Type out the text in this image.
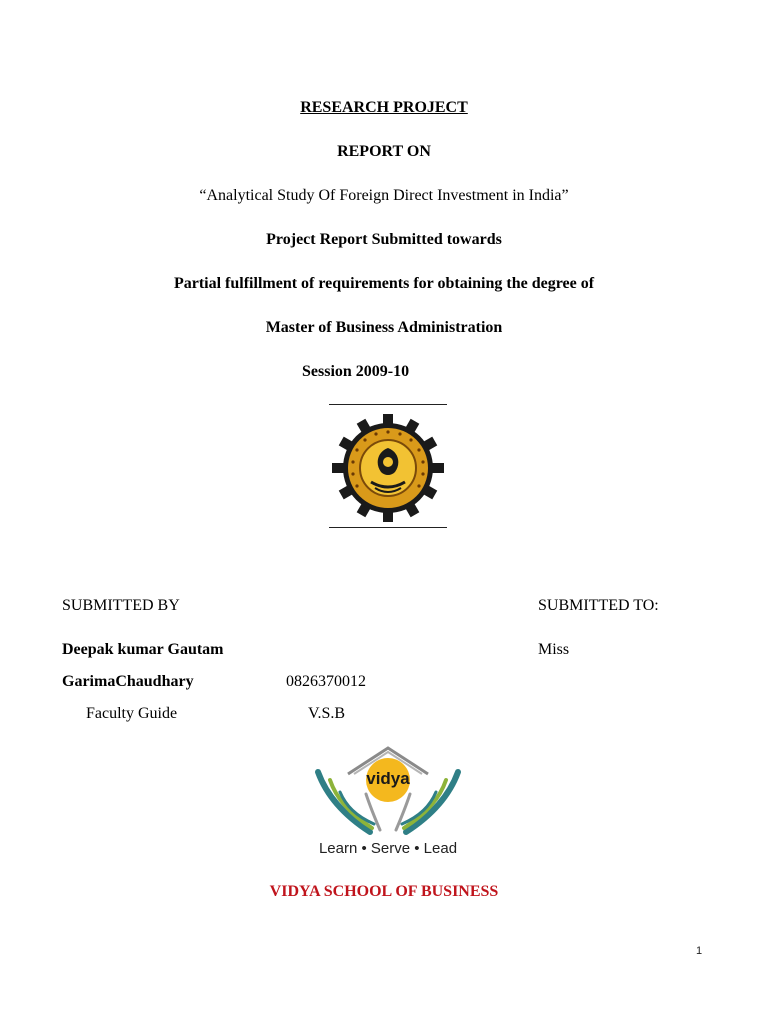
RESEARCH PROJECT
REPORT ON
“Analytical Study Of Foreign Direct Investment in India”
Project Report Submitted towards
Partial fulfillment of requirements for obtaining the degree of
Master of Business Administration
Session 2009-10
SUBMITTED BY	SUBMITTED TO:
Deepak kumar Gautam	Miss
GarimaChaudhary	0826370012
Faculty Guide	V.S.B
vidya
Learn • Serve • Lead
VIDYA SCHOOL OF BUSINESS
1
